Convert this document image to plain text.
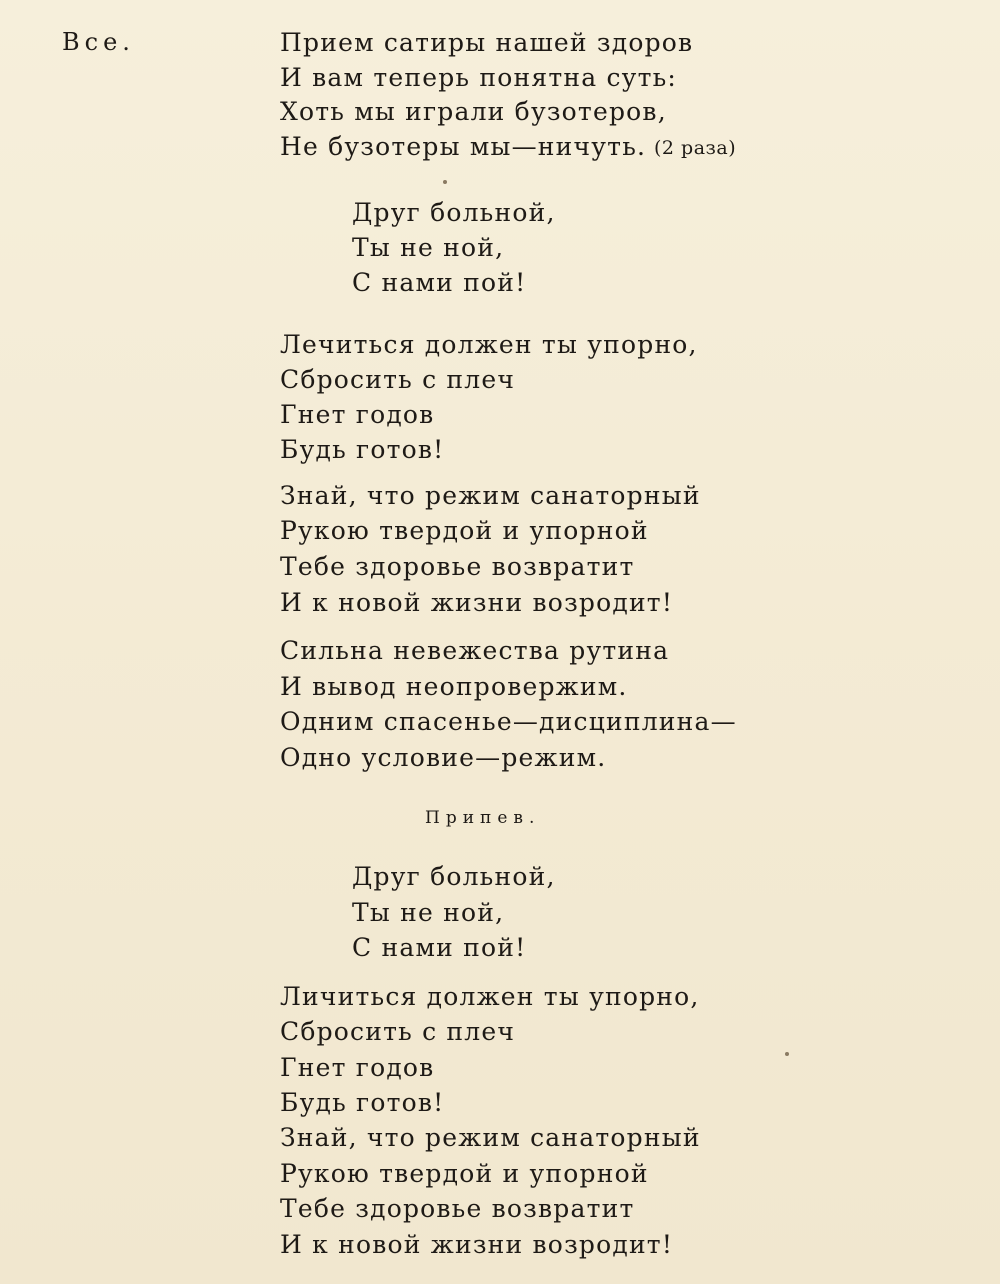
Все.	Прием сатиры нашей здоров
И вам теперь понятна суть:
Хоть мы играли бузотеров,
Не бузотеры мы—ничуть. (2 раза)
Друг больной,
Ты не ной,
С нами пой!
Лечиться должен ты упорно,
Сбросить с плеч
Гнет годов
Будь готов!
Знай, что режим санаторный
Рукою твердой и упорной
Тебе здоровье возвратит
И к новой жизни возродит!
Сильна невежества рутина
И вывод неопровержим.
Одним спасенье—дисциплина—
Одно условие—режим.
Припев.
Друг больной,
Ты не ной,
С нами пой!
Личиться должен ты упорно,
Сбросить с плеч
Гнет годов
Будь готов!
Знай, что режим санаторный
Рукою твердой и упорной
Тебе здоровье возвратит
И к новой жизни возродит!
